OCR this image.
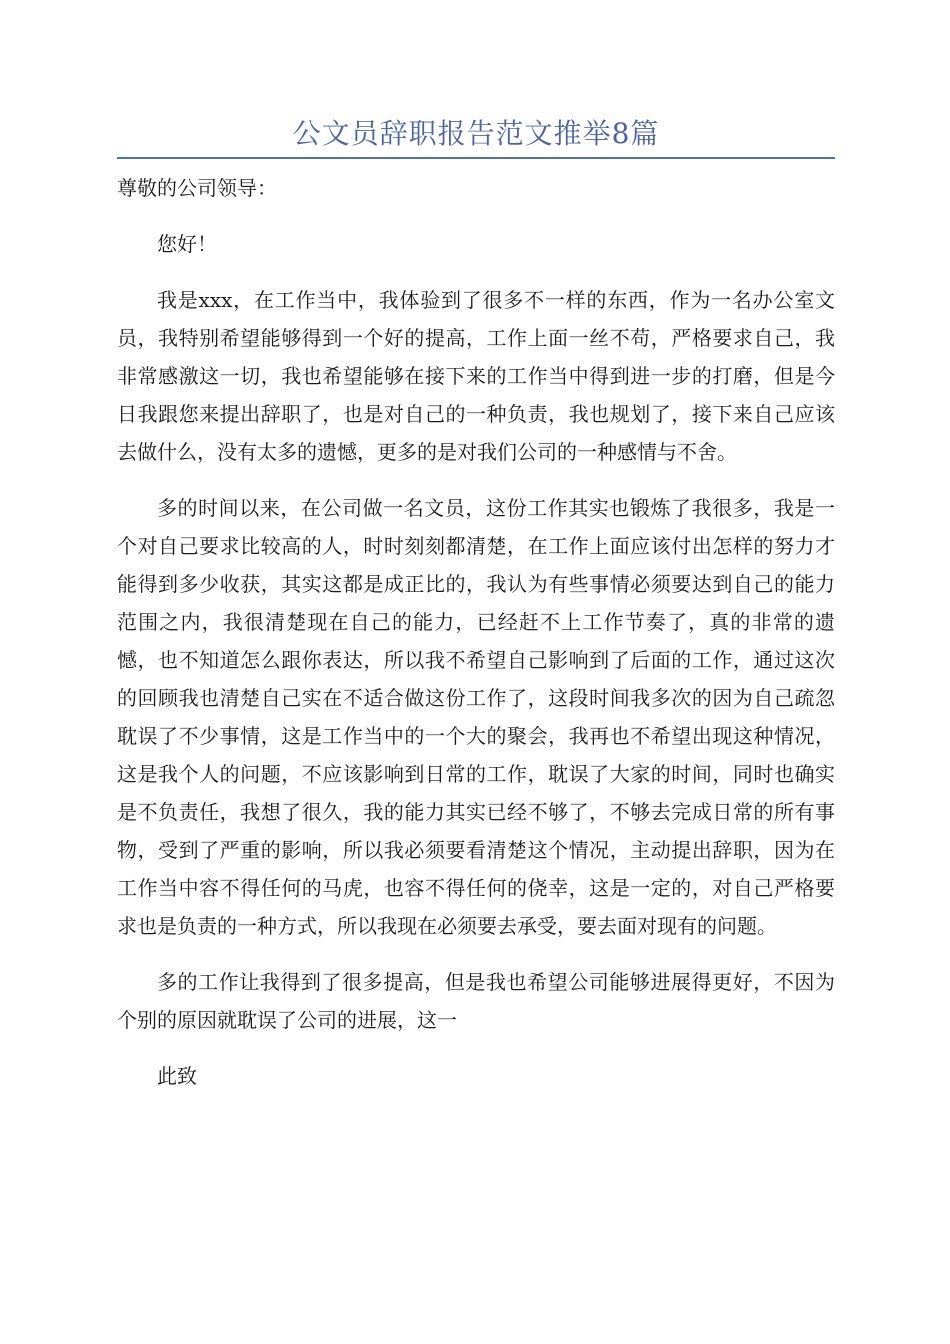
公文员辞职报告范文推举8篇
尊敬的公司领导：

您好！

我是xxx，在工作当中，我体验到了很多不一样的东西，作为一名办公室文员，我特别希望能够得到一个好的提高，工作上面一丝不苟，严格要求自己，我非常感激这一切，我也希望能够在接下来的工作当中得到进一步的打磨，但是今日我跟您来提出辞职了，也是对自己的一种负责，我也规划了，接下来自己应该去做什么，没有太多的遗憾，更多的是对我们公司的一种感情与不舍。

多的时间以来，在公司做一名文员，这份工作其实也锻炼了我很多，我是一个对自己要求比较高的人，时时刻刻都清楚，在工作上面应该付出怎样的努力才能得到多少收获，其实这都是成正比的，我认为有些事情必须要达到自己的能力范围之内，我很清楚现在自己的能力，已经赶不上工作节奏了，真的非常的遗憾，也不知道怎么跟你表达，所以我不希望自己影响到了后面的工作，通过这次的回顾我也清楚自己实在不适合做这份工作了，这段时间我多次的因为自己疏忽耽误了不少事情，这是工作当中的一个大的聚会，我再也不希望出现这种情况，这是我个人的问题，不应该影响到日常的工作，耽误了大家的时间，同时也确实是不负责任，我想了很久，我的能力其实已经不够了，不够去完成日常的所有事物，受到了严重的影响，所以我必须要看清楚这个情况，主动提出辞职，因为在工作当中容不得任何的马虎，也容不得任何的侥幸，这是一定的，对自己严格要求也是负责的一种方式，所以我现在必须要去承受，要去面对现有的问题。

多的工作让我得到了很多提高，但是我也希望公司能够进展得更好，不因为个别的原因就耽误了公司的进展，这一

此致
